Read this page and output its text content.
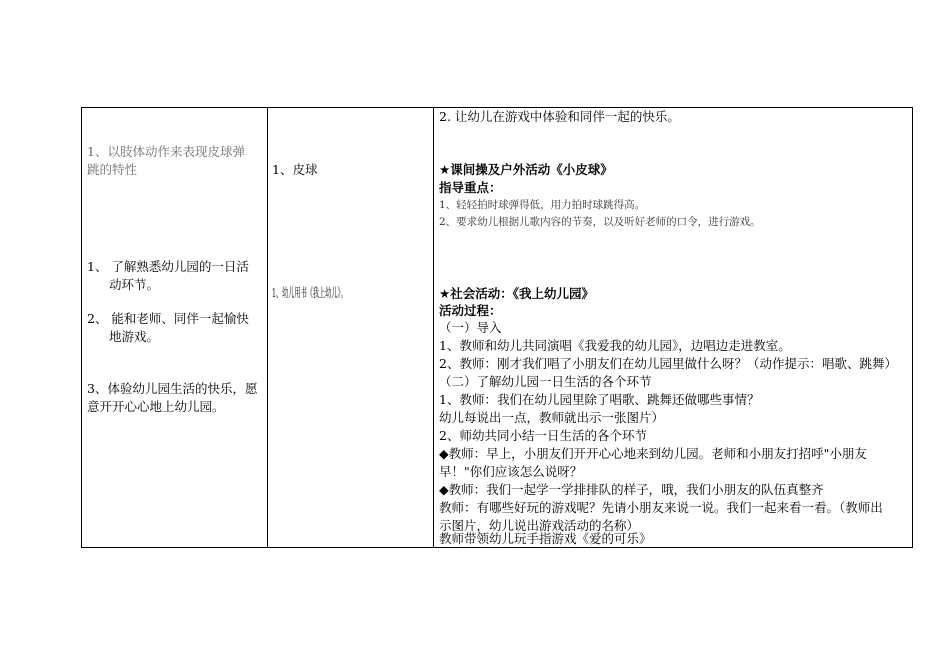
1、以肢体动作来表现皮球弹
跳的特性
1、 了解熟悉幼儿园的一日活
动环节。
2、 能和老师、同伴一起愉快
地游戏。
3、体验幼儿园生活的快乐，愿
意开开心心地上幼儿园。
1、皮球
1、幼儿用书《我上幼儿》。
2. 让幼儿在游戏中体验和同伴一起的快乐。
★课间操及户外活动《小皮球》
指导重点：
1、轻轻拍时球弹得低，用力拍时球跳得高。
2、要求幼儿根据儿歌内容的节奏，以及听好老师的口令，进行游戏。
★社会活动：《我上幼儿园》
活动过程：
（一）导入
1、教师和幼儿共同演唱《我爱我的幼儿园》，边唱边走进教室。
2、教师：刚才我们唱了小朋友们在幼儿园里做什么呀？（动作提示：唱歌、跳舞）
（二）了解幼儿园一日生活的各个环节
1、教师：我们在幼儿园里除了唱歌、跳舞还做哪些事情？
幼儿每说出一点，教师就出示一张图片）
2、师幼共同小结一日生活的各个环节
◆教师：早上，小朋友们开开心心地来到幼儿园。老师和小朋友打招呼"小朋友
早！"你们应该怎么说呀？
◆教师：我们一起学一学排排队的样子，哦，我们小朋友的队伍真整齐
教师：有哪些好玩的游戏呢？先请小朋友来说一说。我们一起来看一看。（教师出
示图片，幼儿说出游戏活动的名称）
教师带领幼儿玩手指游戏《爱的可乐》
